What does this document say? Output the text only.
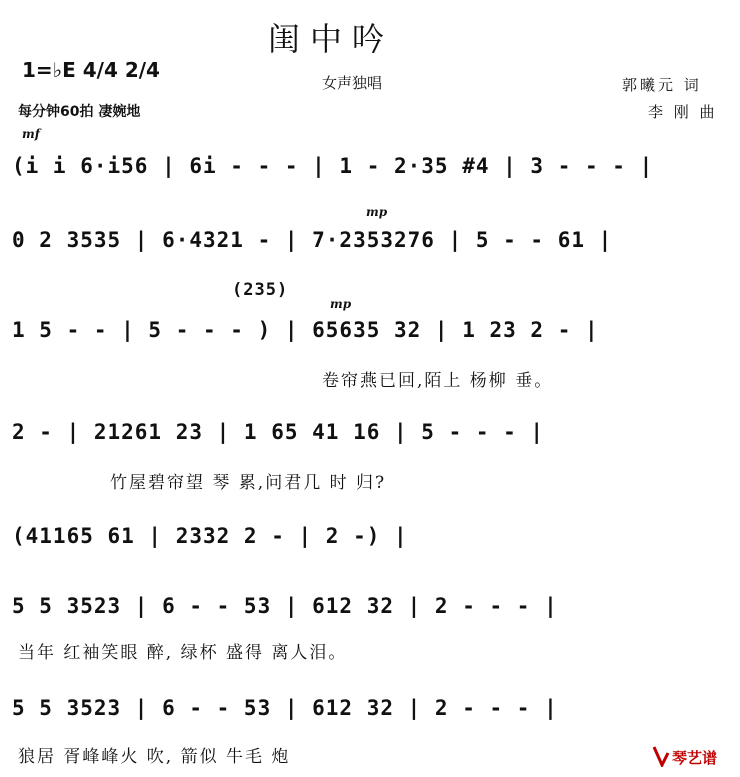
闺中吟
女声独唱
1=♭E 4/4 2/4
每分钟60拍 凄婉地
郭曦元 词
李 刚 曲
mf
mp
mp
(i i 6·i56 | 6i - - - | 1 - 2·35 #4 | 3 - - - |
0 2 3535 | 6·4321 - | 7·2353276 | 5 - - 61 |
(235)
1 5 - - | 5 - - - ) | 65635 32 | 1 23 2 - |
卷帘燕已回,陌上 杨柳 垂。
2 - | 21261 23 | 1 65 41 16 | 5 - - - |
竹屋碧帘望 琴 累,问君几 时 归?
(41165 61 | 2332 2 - | 2 -) |
5 5 3523 | 6 - - 53 | 612 32 | 2 - - - |
当年 红袖笑眼 醉, 绿杯 盛得 离人泪。
5 5 3523 | 6 - - 53 | 612 32 | 2 - - - |
狼居 胥峰峰火 吹, 箭似 牛毛 炮	琴艺谱
